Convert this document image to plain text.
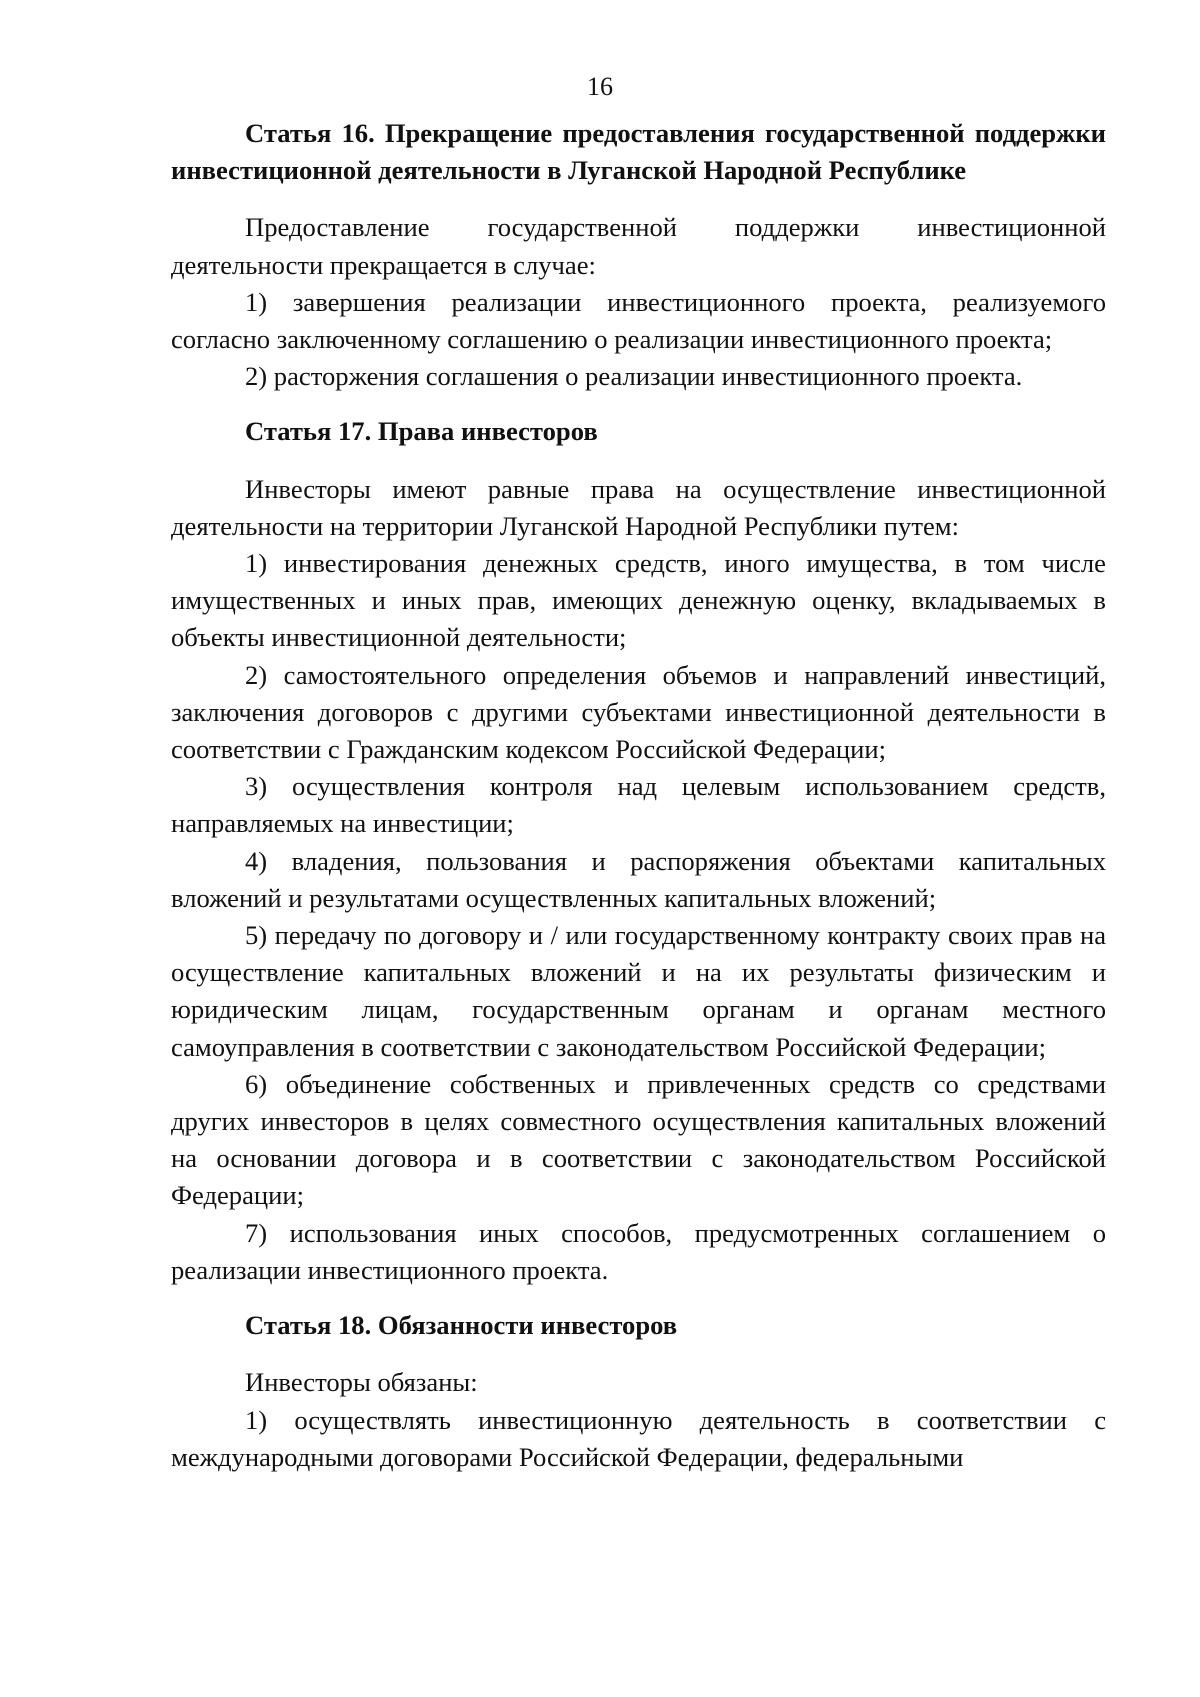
16

Статья 16. Прекращение предоставления государственной поддержки инвестиционной деятельности в Луганской Народной Республике

Предоставление государственной поддержки инвестиционной деятельности прекращается в случае:

1) завершения реализации инвестиционного проекта, реализуемого согласно заключенному соглашению о реализации инвестиционного проекта;
2) расторжения соглашения о реализации инвестиционного проекта.

Статья 17. Права инвесторов

Инвесторы имеют равные права на осуществление инвестиционной деятельности на территории Луганской Народной Республики путем:

1) инвестирования денежных средств, иного имущества, в том числе имущественных и иных прав, имеющих денежную оценку, вкладываемых в объекты инвестиционной деятельности;
2) самостоятельного определения объемов и направлений инвестиций, заключения договоров с другими субъектами инвестиционной деятельности в соответствии с Гражданским кодексом Российской Федерации;
3) осуществления контроля над целевым использованием средств, направляемых на инвестиции;
4) владения, пользования и распоряжения объектами капитальных вложений и результатами осуществленных капитальных вложений;
5) передачу по договору и / или государственному контракту своих прав на осуществление капитальных вложений и на их результаты физическим и юридическим лицам, государственным органам и органам местного самоуправления в соответствии с законодательством Российской Федерации;
6) объединение собственных и привлеченных средств со средствами других инвесторов в целях совместного осуществления капитальных вложений на основании договора и в соответствии с законодательством Российской Федерации;
7) использования иных способов, предусмотренных соглашением о реализации инвестиционного проекта.

Статья 18. Обязанности инвесторов

Инвесторы обязаны:

1) осуществлять инвестиционную деятельность в соответствии с международными договорами Российской Федерации, федеральными
